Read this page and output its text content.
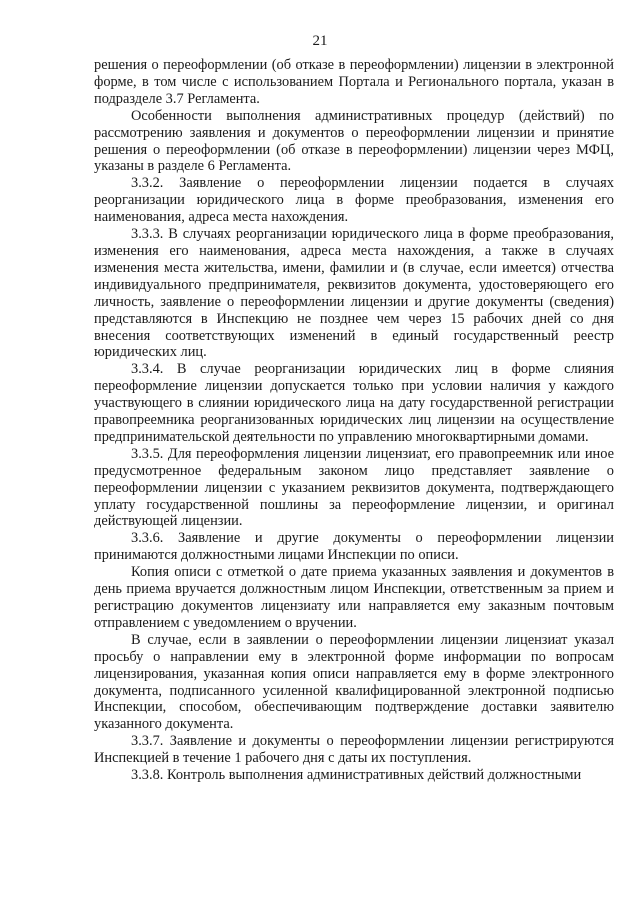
21

решения о переоформлении (об отказе в переоформлении) лицензии в электронной форме, в том числе с использованием Портала и Регионального портала, указан в подразделе 3.7 Регламента.

Особенности выполнения административных процедур (действий) по рассмотрению заявления и документов о переоформлении лицензии и принятие решения о переоформлении (об отказе в переоформлении) лицензии через МФЦ, указаны в разделе 6 Регламента.

3.3.2. Заявление о переоформлении лицензии подается в случаях реорганизации юридического лица в форме преобразования, изменения его наименования, адреса места нахождения.

3.3.3. В случаях реорганизации юридического лица в форме преобразования, изменения его наименования, адреса места нахождения, а также в случаях изменения места жительства, имени, фамилии и (в случае, если имеется) отчества индивидуального предпринимателя, реквизитов документа, удостоверяющего его личность, заявление о переоформлении лицензии и другие документы (сведения) представляются в Инспекцию не позднее чем через 15 рабочих дней со дня внесения соответствующих изменений в единый государственный реестр юридических лиц.

3.3.4. В случае реорганизации юридических лиц в форме слияния переоформление лицензии допускается только при условии наличия у каждого участвующего в слиянии юридического лица на дату государственной регистрации правопреемника реорганизованных юридических лиц лицензии на осуществление предпринимательской деятельности по управлению многоквартирными домами.

3.3.5. Для переоформления лицензии лицензиат, его правопреемник или иное предусмотренное федеральным законом лицо представляет заявление о переоформлении лицензии с указанием реквизитов документа, подтверждающего уплату государственной пошлины за переоформление лицензии, и оригинал действующей лицензии.

3.3.6. Заявление и другие документы о переоформлении лицензии принимаются должностными лицами Инспекции по описи.

Копия описи с отметкой о дате приема указанных заявления и документов в день приема вручается должностным лицом Инспекции, ответственным за прием и регистрацию документов лицензиату или направляется ему заказным почтовым отправлением с уведомлением о вручении.

В случае, если в заявлении о переоформлении лицензии лицензиат указал просьбу о направлении ему в электронной форме информации по вопросам лицензирования, указанная копия описи направляется ему в форме электронного документа, подписанного усиленной квалифицированной электронной подписью Инспекции, способом, обеспечивающим подтверждение доставки заявителю указанного документа.

3.3.7. Заявление и документы о переоформлении лицензии регистрируются Инспекцией в течение 1 рабочего дня с даты их поступления.

3.3.8. Контроль выполнения административных действий должностными
